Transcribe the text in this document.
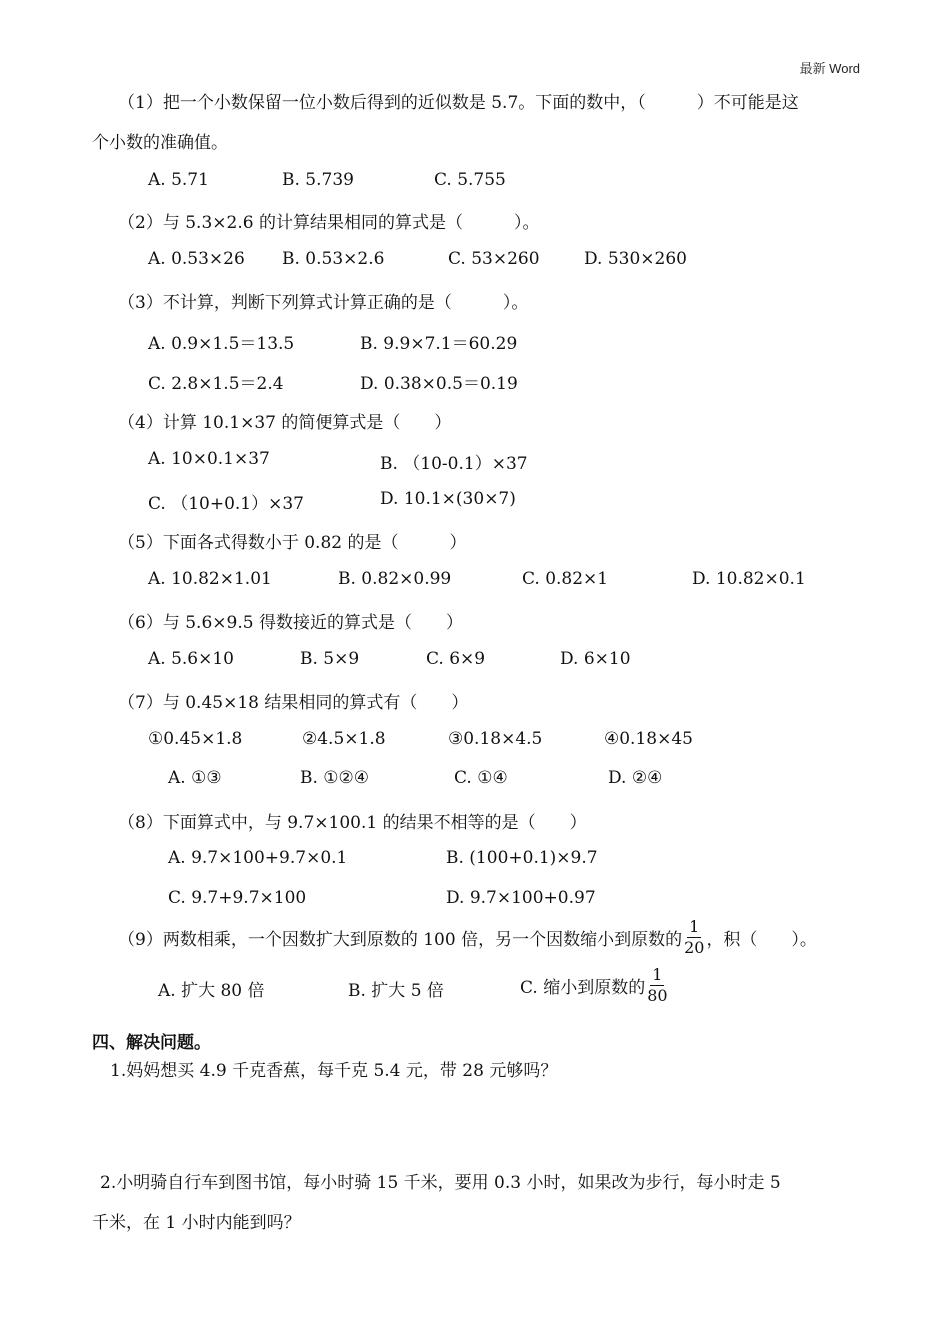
最新 Word
（1）把一个小数保留一位小数后得到的近似数是 5.7。下面的数中，（　　　）不可能是这
个小数的准确值。
A. 5.71	B. 5.739	C. 5.755
（2）与 5.3×2.6 的计算结果相同的算式是（　　　）。
A. 0.53×26 B. 0.53×2.6	C. 53×260	D. 530×260
（3）不计算，判断下列算式计算正确的是（　　　）。
A. 0.9×1.5＝13.5	B. 9.9×7.1＝60.29
C. 2.8×1.5＝2.4	D. 0.38×0.5＝0.19
（4）计算 10.1×37 的简便算式是（　　）
A. 10×0.1×37	B. （10-0.1）×37
C. （10+0.1）×37	D. 10.1×(30×7)
（5）下面各式得数小于 0.82 的是（　　　）
A. 10.82×1.01	B. 0.82×0.99	C. 0.82×1	D. 10.82×0.1
（6）与 5.6×9.5 得数接近的算式是（　　）
A. 5.6×10	B. 5×9	C. 6×9	D. 6×10
（7）与 0.45×18 结果相同的算式有（　　）
①0.45×1.8	②4.5×1.8	③0.18×4.5	④0.18×45
A. ①③	B. ①②④	C. ①④	D. ②④
（8）下面算式中，与 9.7×100.1 的结果不相等的是（　　）
A. 9.7×100+9.7×0.1	B. (100+0.1)×9.7
C. 9.7+9.7×100	D. 9.7×100+0.97
（9）两数相乘，一个因数扩大到原数的 100 倍，另一个因数缩小到原数的 $\frac{1}{20}$ ，积（　　）。
A. 扩大 80 倍	B. 扩大 5 倍	C. 缩小到原数的 $\frac{1}{80}$
四、解决问题。
1.妈妈想买 4.9 千克香蕉，每千克 5.4 元，带 28 元够吗？
2.小明骑自行车到图书馆，每小时骑 15 千米，要用 0.3 小时，如果改为步行，每小时走 5
千米，在 1 小时内能到吗？
